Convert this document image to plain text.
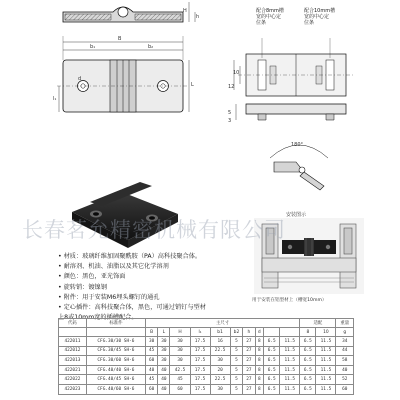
H
h
B
b₁	b₂
L
l₁
d
配合8mm槽
宽的中心定
位条
配合10mm槽
宽的中心定
位条
10
12
5
3
180°
安装图示
用于安装在铝型材上（槽宽10mm）
长春茗允精密机械有限公司
• 材质：玻璃纤维加固聚酰胺（PA）高科技聚合体。
• 耐溶剂、机油、油脂以及其它化学溶剂
• 颜色：黑色，亚光饰面
• 旋转销：镀镍钢
• 附件：用于安装M6埋头螺钉的通孔
• 定心插件：高科技聚合体，黑色，可通过销钉与型材
上8或10mm宽的插槽配合。
代码	标准件	主尺寸										适配		重量
		B	L	H	l₁	b1	b2	h	d			8	10	g
422011	CFG.30/30 SH-6	30	30	30	17.5	16	5	27	8	6.5	11.5	6.5	11.5	34
422012	CFG.30/45 SH-6	45	30	30	17.5	22.5	5	27	8	6.5	11.5	6.5	11.5	44
422013	CFG.30/60 SH-6	60	30	30	17.5	30	5	27	8	6.5	11.5	6.5	11.5	58
422021	CFG.40/40 SH-6	40	40	42.5	17.5	20	5	27	8	6.5	11.5	6.5	11.5	40
422022	CFG.40/45 SH-6	45	40	45	17.5	22.5	5	27	8	6.5	11.5	6.5	11.5	52
422023	CFG.40/60 SH-6	60	40	60	17.5	30	5	27	8	6.5	11.5	6.5	11.5	60
